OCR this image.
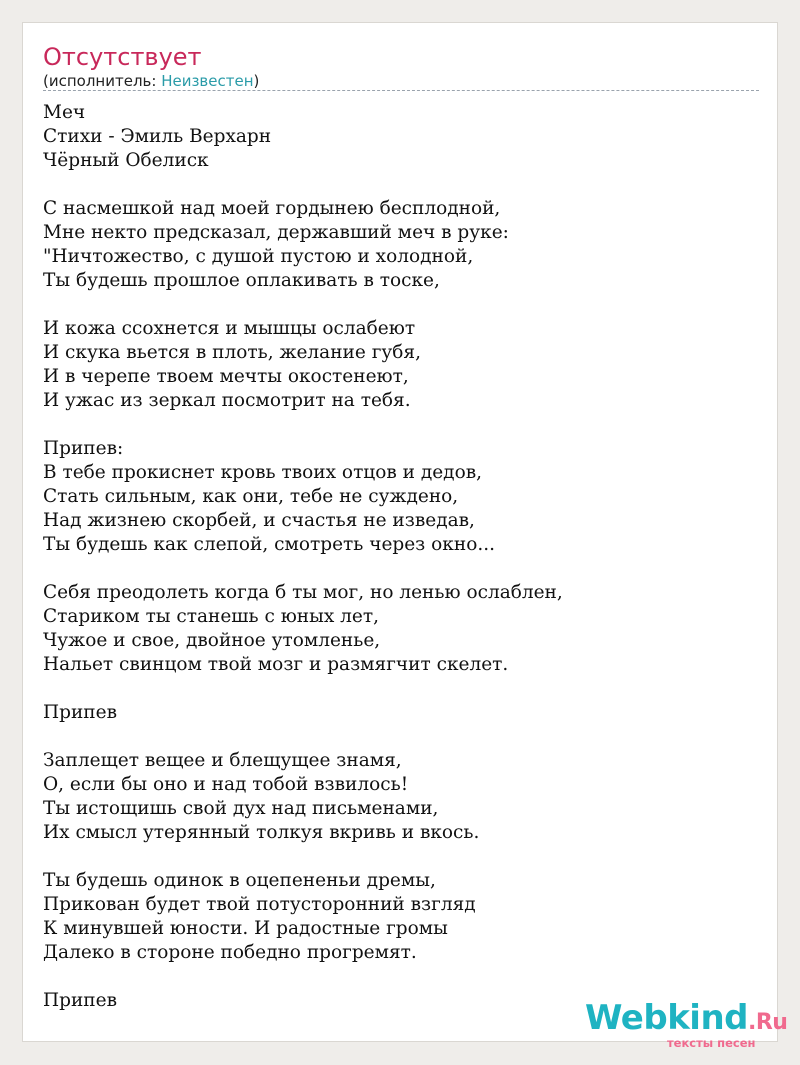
Отсутствует
(исполнитель: Неизвестен)
Меч
Стихи - Эмиль Верхарн
Чёрный Обелиск
С насмешкой над моей гордынею бесплодной,
Мне некто предсказал, державший меч в руке:
"Ничтожество, с душой пустою и холодной,
Ты будешь прошлое оплакивать в тоске,
И кожа ссохнется и мышцы ослабеют
И скука вьется в плоть, желание губя,
И в черепе твоем мечты окостенеют,
И ужас из зеркал посмотрит на тебя.
Припев:
В тебе прокиснет кровь твоих отцов и дедов,
Стать сильным, как они, тебе не суждено,
Над жизнею скорбей, и счастья не изведав,
Ты будешь как слепой, смотреть через окно...
Себя преодолеть когда б ты мог, но ленью ослаблен,
Стариком ты станешь с юных лет,
Чужое и свое, двойное утомленье,
Нальет свинцом твой мозг и размягчит скелет.
Припев
Заплещет вещее и блещущее знамя,
О, если бы оно и над тобой взвилось!
Ты истощишь свой дух над письменами,
Их смысл утерянный толкуя вкривь и вкось.
Ты будешь одинок в оцепененьи дремы,
Прикован будет твой потусторонний взгляд
К минувшей юности. И радостные громы
Далеко в стороне победно прогремят.
Припев	Webkind.Ru
тексты песен
